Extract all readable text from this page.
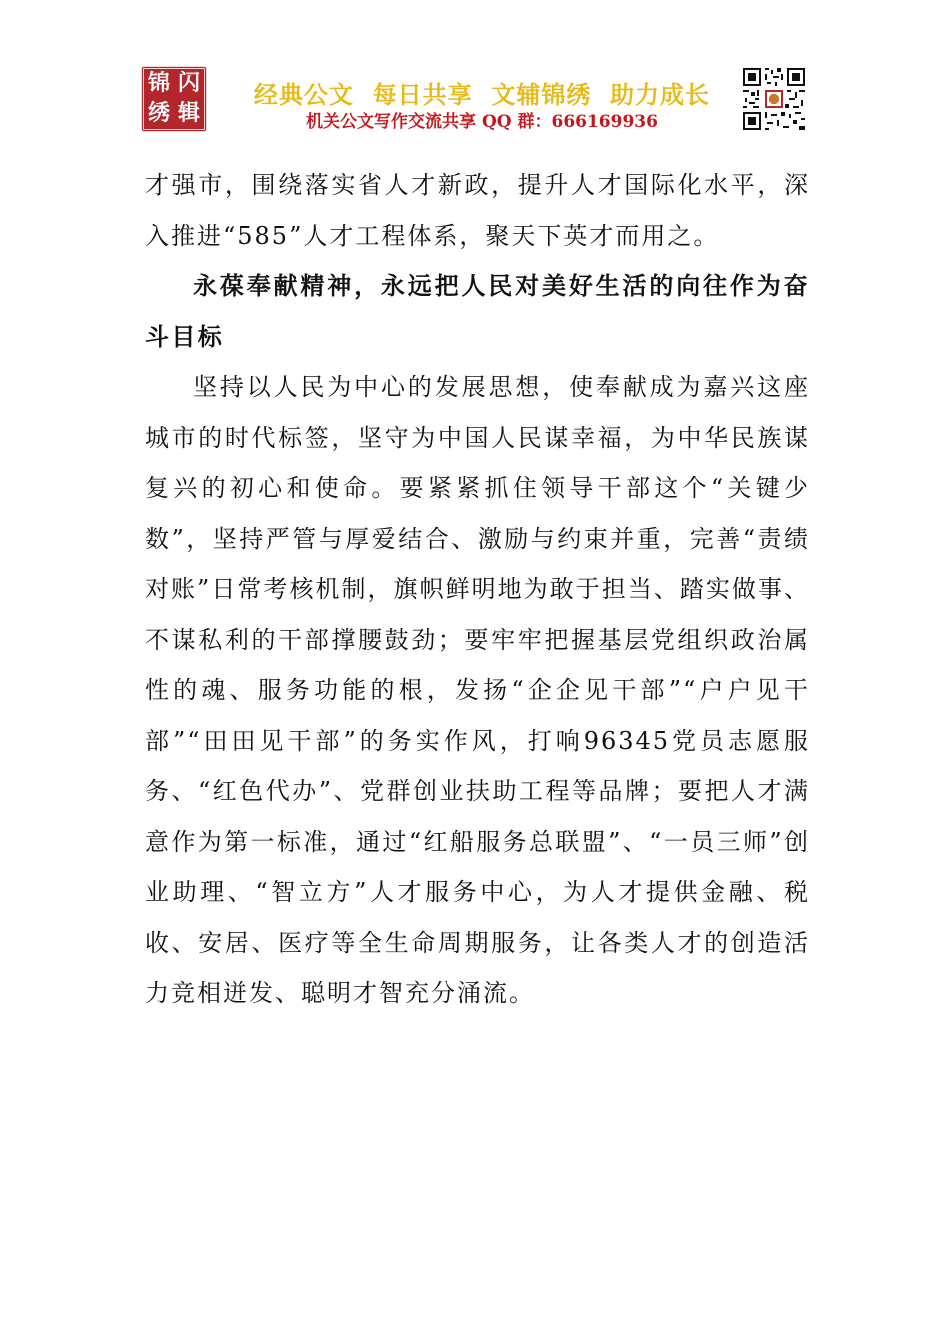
锦 闪
绣 辑
经典公文  每日共享  文辅锦绣  助力成长
机关公文写作交流共享 QQ 群：666169936

才强市，围绕落实省人才新政，提升人才国际化水平，深入推进“585”人才工程体系，聚天下英才而用之。

永葆奉献精神，永远把人民对美好生活的向往作为奋斗目标

坚持以人民为中心的发展思想，使奉献成为嘉兴这座城市的时代标签，坚守为中国人民谋幸福，为中华民族谋复兴的初心和使命。要紧紧抓住领导干部这个“关键少数”，坚持严管与厚爱结合、激励与约束并重，完善“责绩对账”日常考核机制，旗帜鲜明地为敢于担当、踏实做事、不谋私利的干部撑腰鼓劲；要牢牢把握基层党组织政治属性的魂、服务功能的根，发扬“企企见干部”“户户见干部”“田田见干部”的务实作风，打响96345党员志愿服务、“红色代办”、党群创业扶助工程等品牌；要把人才满意作为第一标准，通过“红船服务总联盟”、“一员三师”创业助理、“智立方”人才服务中心，为人才提供金融、税收、安居、医疗等全生命周期服务，让各类人才的创造活力竞相迸发、聪明才智充分涌流。
